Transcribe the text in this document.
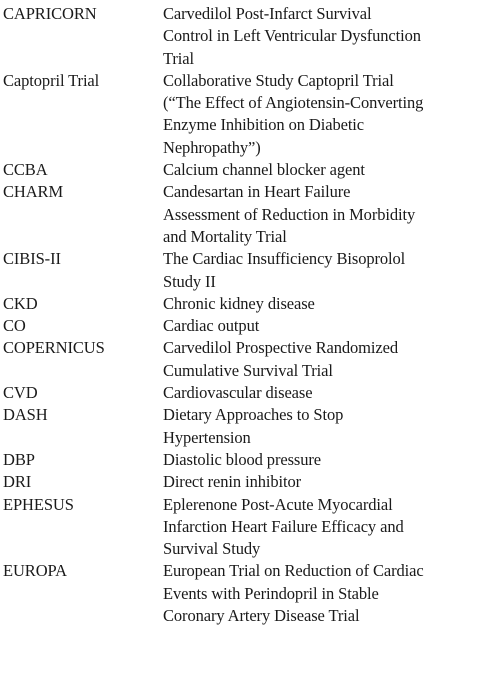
CAPRICORN	Carvedilol Post-Infarct Survival
Control in Left Ventricular Dysfunction
Trial
Captopril Trial	Collaborative Study Captopril Trial
(“The Effect of Angiotensin-Converting
Enzyme Inhibition on Diabetic
Nephropathy”)
CCBA	Calcium channel blocker agent
CHARM	Candesartan in Heart Failure
Assessment of Reduction in Morbidity
and Mortality Trial
CIBIS-II	The Cardiac Insufficiency Bisoprolol
Study II
CKD	Chronic kidney disease
CO	Cardiac output
COPERNICUS	Carvedilol Prospective Randomized
Cumulative Survival Trial
CVD	Cardiovascular disease
DASH	Dietary Approaches to Stop
Hypertension
DBP	Diastolic blood pressure
DRI	Direct renin inhibitor
EPHESUS	Eplerenone Post-Acute Myocardial
Infarction Heart Failure Efficacy and
Survival Study
EUROPA	European Trial on Reduction of Cardiac
Events with Perindopril in Stable
Coronary Artery Disease Trial
